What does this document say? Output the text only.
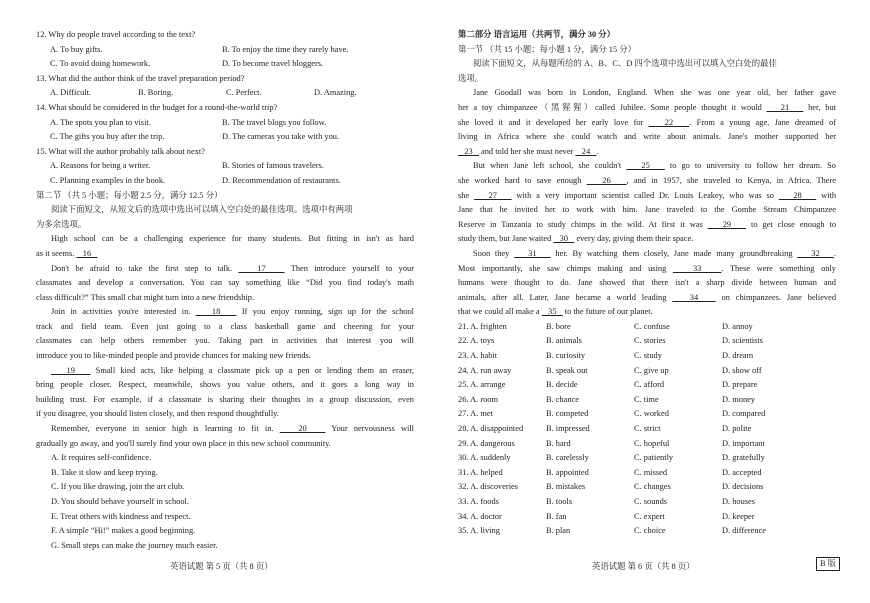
12. Why do people travel according to the text?
A. To buy gifts.	B. To enjoy the time they rarely have.
C. To avoid doing homework.	D. To become travel bloggers.
13. What did the author think of the travel preparation period?
A. Difficult.	B. Boring.	C. Perfect.	D. Amazing.
14. What should be considered in the budget for a round-the-world trip?
A. The spots you plan to visit.	B. The travel blogs you follow.
C. The gifts you buy after the trip.	D. The cameras you take with you.
15. What will the author probably talk about next?
A. Reasons for being a writer.	B. Stories of famous travelers.
C. Planning examples in the book.	D. Recommendation of restaurants.
第二节 （共 5 小题；每小题 2.5 分，满分 12.5 分）
阅读下面短文，从短文后的选项中选出可以填入空白处的最佳选项。选项中有两项
为多余选项。
High school can be a challenging experience for many students. But fitting in isn't as hard
as it seems.    16
Don't be afraid to take the first step to talk.    17    Then introduce yourself to your
classmates and develop a conversation. You can say something like “Did you find today's math
class difficult?” This small chat might turn into a new friendship.
Join in activities you're interested in.    18    If you enjoy running, sign up for the school
track and field team. Even just going to a class basketball game and cheering for your
classmates can help others remember you. Taking part in activities that interest you will
introduce you to like-minded people and provide chances for making new friends.
19    Small kind acts, like helping a classmate pick up a pen or lending them an eraser,
bring people closer. Respect, meanwhile, shows you value others, and it goes a long way in
building trust. For example, if a classmate is sharing their thoughts in a group discussion, even
if you disagree, you should listen closely, and then respond thoughtfully.
Remember, everyone in senior high is learning to fit in.    20    Your nervousness will
gradually go away, and you'll surely find your own place in this new school community.
A. It requires self-confidence.
B. Take it slow and keep trying.
C. If you like drawing, join the art club.
D. You should behave yourself in school.
E. Treat others with kindness and respect.
F. A simple “Hi!” makes a good beginning.
G. Small steps can make the journey much easier.
第二部分 语言运用（共两节，满分 30 分）
第一节 （共 15 小题；每小题 1 分，满分 15 分）
阅读下面短文，从每题所给的 A、B、C、D 四个选项中选出可以填入空白处的最佳
选项。
Jane Goodall was born in London, England. When she was one year old, her father gave
her a toy chimpanzee（黑猩猩）called Jubilee. Some people thought it would    21    her, but
she loved it and it developed her early love for    22   . From a young age, Jane dreamed of
living in Africa where she could watch and write about animals. Jane's mother supported her
23    and told her she must never    24   .
But when Jane left school, she couldn't    25    to go to university to follow her dream. So
she worked hard to save enough    26   , and in 1957, she traveled to Kenya, in Africa. There
she    27    with a very important scientist called Dr. Louis Leakey, who was so    28    with
Jane that he invited her to work with him. Jane traveled to the Gombe Stream Chimpanzee
Reserve in Tanzania to study chimps in the wild. At first it was    29    to get close enough to
study them, but Jane waited    30    every day, giving them their space.
Soon they    31    her. By watching them closely, Jane made many groundbreaking    32   .
Most importantly, she saw chimps making and using    33   . These were something only
humans were thought to do. Jane showed that there isn't a sharp divide between human and
animals, after all. Later, Jane became a world leading    34    on chimpanzees. Jane believed
that we could all make a    35    to the future of our planet.
21. A. frighten	B. bore	C. confuse	D. annoy
22. A. toys	B. animals	C. stories	D. scientists
23. A. habit	B. curiosity	C. study	D. dream
24. A. run away	B. speak out	C. give up	D. show off
25. A. arrange	B. decide	C. afford	D. prepare
26. A. room	B. chance	C. time	D. money
27. A. met	B. competed	C. worked	D. compared
28. A. disappointed	B. impressed	C. strict	D. polite
29. A. dangerous	B. hard	C. hopeful	D. important
30. A. suddenly	B. carelessly	C. patiently	D. gratefully
31. A. helped	B. appointed	C. missed	D. accepted
32. A. discoveries	B. mistakes	C. changes	D. decisions
33. A. foods	B. tools	C. sounds	D. houses
34. A. doctor	B. fan	C. expert	D. keeper
35. A. living	B. plan	C. choice	D. difference
英语试题 第 5 页（共 8 页）	英语试题 第 6 页（共 8 页）	B 版
